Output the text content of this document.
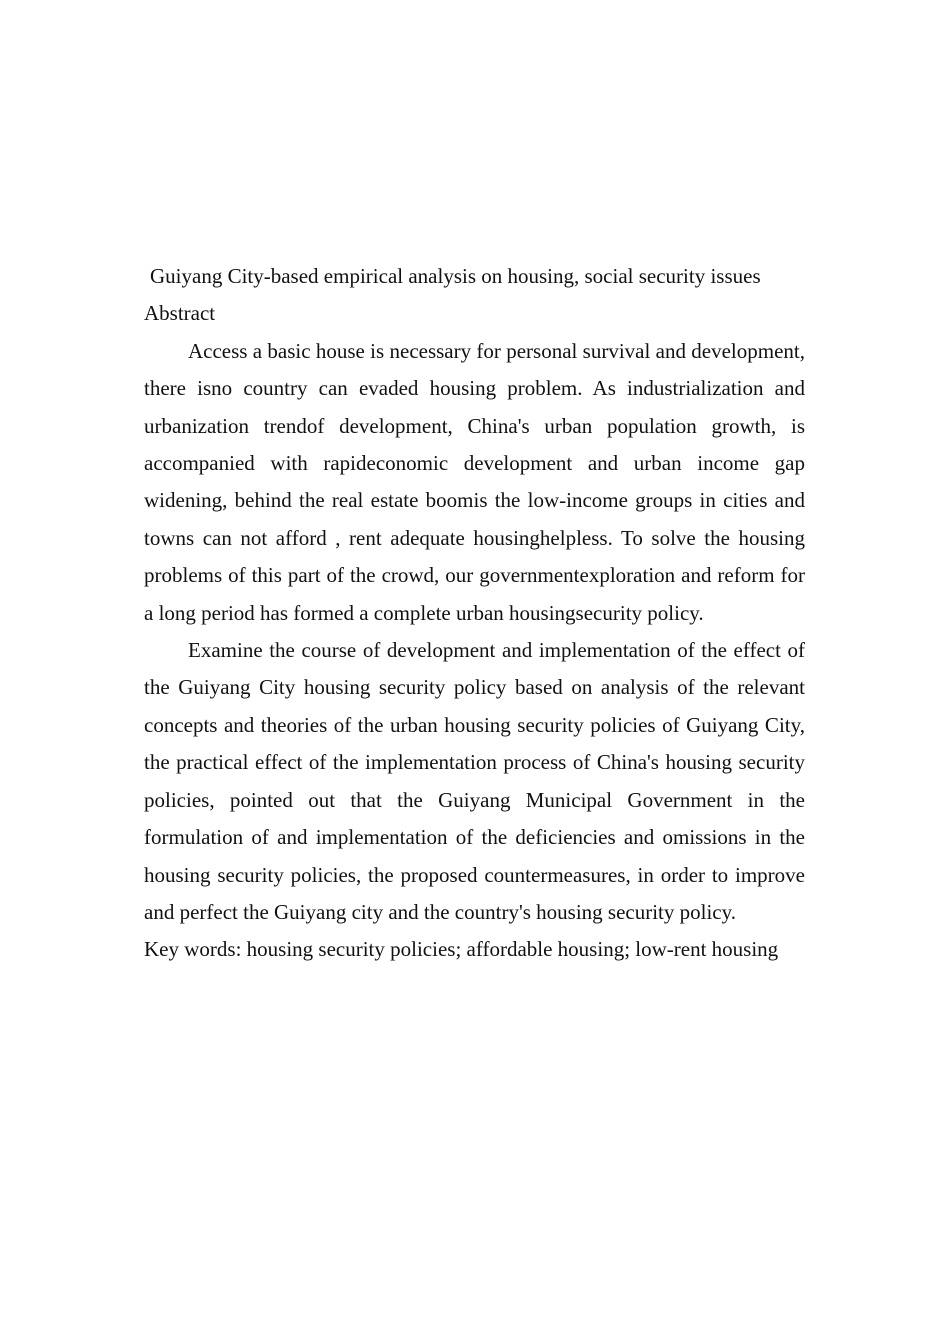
Guiyang City-based empirical analysis on housing, social security issues
Abstract

Access a basic house is necessary for personal survival and development, there isno country can evaded housing problem. As industrialization and urbanization trendof development, China's urban population growth, is accompanied with rapideconomic development and urban income gap widening, behind the real estate boomis the low-income groups in cities and towns can not afford , rent adequate housinghelpless. To solve the housing problems of this part of the crowd, our governmentexploration and reform for a long period has formed a complete urban housingsecurity policy.

Examine the course of development and implementation of the effect of the Guiyang City housing security policy based on analysis of the relevant concepts and theories of the urban housing security policies of Guiyang City, the practical effect of the implementation process of China's housing security policies, pointed out that the Guiyang Municipal Government in the formulation of and implementation of the deficiencies and omissions in the housing security policies, the proposed countermeasures, in order to improve and perfect the Guiyang city and the country's housing security policy.

Key words: housing security policies; affordable housing; low-rent housing
